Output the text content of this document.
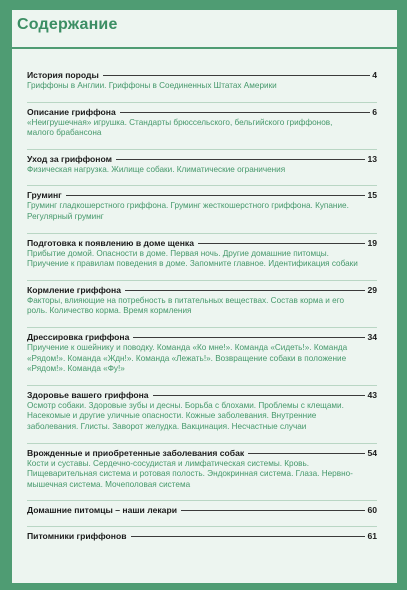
Содержание
История породы	4
Гриффоны в Англии. Гриффоны в Соединенных Штатах Америки
Описание гриффона	6
«Неигрушечная» игрушка. Стандарты брюссельского, бельгийского гриффонов, малого брабансона
Уход за гриффоном	13
Физическая нагрузка. Жилище собаки. Климатические ограничения
Груминг	15
Груминг гладкошерстного гриффона. Груминг жесткошерстного гриффона. Купание. Регулярный груминг
Подготовка к появлению в доме щенка	19
Прибытие домой. Опасности в доме. Первая ночь. Другие домашние питомцы. Приучение к правилам поведения в доме. Запомните главное. Идентификация собаки
Кормление гриффона	29
Факторы, влияющие на потребность в питательных веществах. Состав корма и его роль. Количество корма. Время кормления
Дрессировка гриффона	34
Приучение к ошейнику и поводку. Команда «Ко мне!». Команда «Сидеть!». Команда «Рядом!». Команда «Ждн!». Команда «Лежать!». Возвращение собаки в положение «Рядом!». Команда «Фу!»
Здоровье вашего гриффона	43
Осмотр собаки. Здоровые зубы и десны. Борьба с блохами. Проблемы с клещами. Насекомые и другие уличные опасности. Кожные заболевания. Внутренние заболевания. Глисты. Заворот желудка. Вакцинация. Несчастные случаи
Врожденные и приобретенные заболевания собак	54
Кости и суставы. Сердечно-сосудистая и лимфатическая системы. Кровь. Пищеварительная система и ротовая полость. Эндокринная система. Глаза. Нервно-мышечная система. Мочеполовая система
Домашние питомцы – наши лекари	60
Питомники гриффонов	61
